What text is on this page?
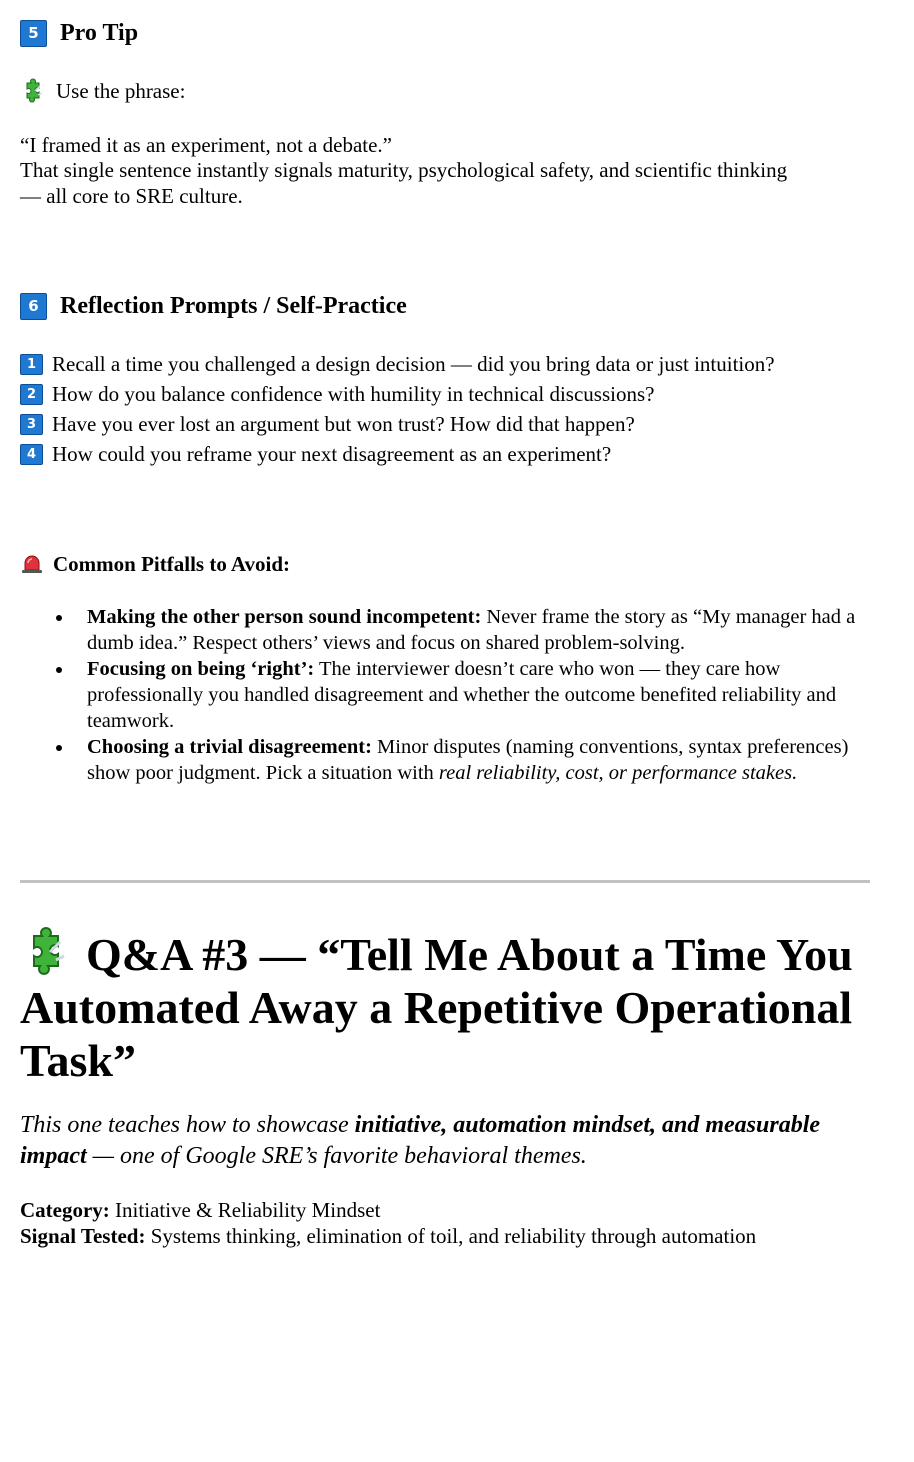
5 Pro Tip
Use the phrase:
“I framed it as an experiment, not a debate.”
That single sentence instantly signals maturity, psychological safety, and scientific thinking
— all core to SRE culture.
6 Reflection Prompts / Self-Practice
1 Recall a time you challenged a design decision — did you bring data or just intuition?
2 How do you balance confidence with humility in technical discussions?
3 Have you ever lost an argument but won trust? How did that happen?
4 How could you reframe your next disagreement as an experiment?
Common Pitfalls to Avoid:
Making the other person sound incompetent: Never frame the story as “My manager had a dumb idea.” Respect others’ views and focus on shared problem-solving.
Focusing on being ‘right’: The interviewer doesn’t care who won — they care how professionally you handled disagreement and whether the outcome benefited reliability and teamwork.
Choosing a trivial disagreement: Minor disputes (naming conventions, syntax preferences) show poor judgment. Pick a situation with real reliability, cost, or performance stakes.
Q&A #3 — “Tell Me About a Time You Automated Away a Repetitive Operational Task”
This one teaches how to showcase initiative, automation mindset, and measurable impact — one of Google SRE’s favorite behavioral themes.
Category: Initiative & Reliability Mindset
Signal Tested: Systems thinking, elimination of toil, and reliability through automation
